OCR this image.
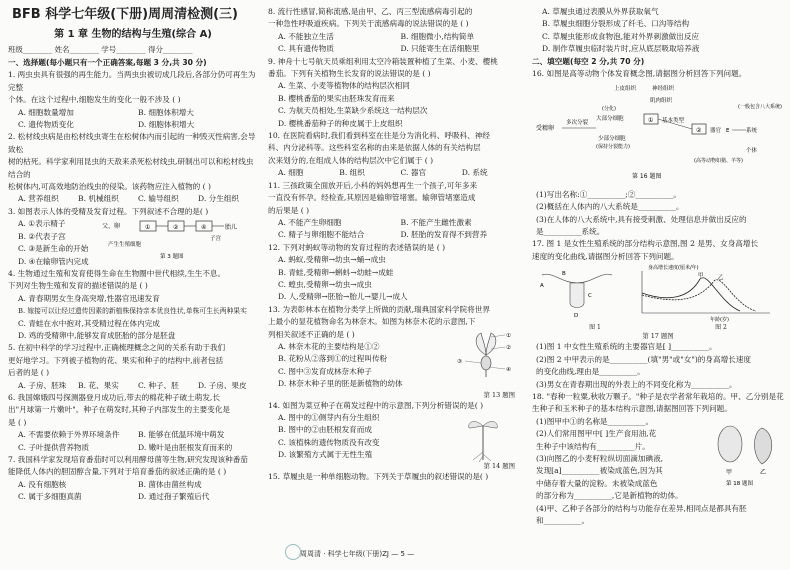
BFB 科学七年级(下册)周周清检测(三)
第 1 章 生物的结构与生殖(综合 A)
班级________ 姓名________ 学号________ 得分________
一、选择题(每小题只有一个正确答案,每题 3 分,共 30 分)
1. 两虫虫具有很强的再生能力。当两虫虫被切成几段后,各部分仍可再生为完整
个体。在这个过程中,细胞发生的变化一般不涉及 ( )
A. 细胞数量增加	B. 细胞体积增大
C. 遗传物质变化	D. 细胞体积增大
2. 松材线虫病是由松材线虫寄生在松树体内而引起的一种毁灭性病害,会导致松
树的枯死。科学家利用昆虫的天敌来杀死松材线虫,研制出可以和松材线虫结合的
松树体内,可高效地防治线虫的侵染。该药物应注入植物的 ( )
A. 营养组织	B. 机械组织	C. 输导组织	D. 分生组织
3. 如图表示人体的受精及发育过程。下列叙述不合理的是( )
A. ①表示精子
B. ②代表子宫
C. ③是新生命的开始
D. ④在输卵管内完成
父、卵	①	②	④	胎儿
子宫
产生生殖细胞
第 3 题图
4. 生物通过生殖和发育使得生命在生物圈中世代相续,生生不息。
下列对生物生殖和发育的描述错误的是 ( )
A. 青春期男女生身高突增,性器官迅速发育
B. 嫁接可以让经过遗传因素的新植株保持亲本优良性状,单株可生长两种果实
C. 青蛙在水中抱对,其受精过程在体内完成
D. 鸡的受精卵中,能够发育成胚胎的部分是胚盘
5. 在初中科学的学习过程中,正确梳理概念之间的关系有助于我们
更好地学习。下列被子植物的花、果实和种子的结构中,前者包括
后者的是 ( )
A. 子房、胚珠	B. 花、果实	C. 种子、胚	D. 子房、果皮
6. 我国嫦娥四号探测器登月成功后,带去的棉花种子破土萌发,长
出"月球第一片嫩叶"。种子在萌发时,其种子内部发生的主要变化是
是 ( )
A. 不需要依赖于外界环境条件	B. 能够在低温环境中萌发
C. 子叶提供营养物质	D. 嫩叶是由胚根发育而来的
7. 我国科学家发现培育番茄时可以利用酵母菌等生物,研究发现该种番茄
能降低人体内的胆固醇含量,下列对于培育番茄的叙述正确的是 ( )
A. 没有细胞核	B. 菌体由菌丝构成
C. 属于多细胞真菌	D. 通过孢子繁殖后代
8. 流行性感冒,简称流感,是由甲、乙、丙三型流感病毒引起的
一种急性呼吸道疾病。下列关于流感病毒的说法错误的是 ( )
A. 不能独立生活	B. 细胞微小,结构简单
C. 具有遗传物质	D. 只能寄生在活细胞里
9. 神舟十七号航天员乘组利用太空冷箱装置种植了生菜、小麦、樱桃
番茄。下列有关植物生长发育的说法错误的是 ( )
A. 生菜、小麦等植物体的结构层次相同
B. 樱桃番茄的果实由胚珠发育而来
C. 为航天员相处,生菜缺少系统这一结构层次
D. 樱桃番茄种子的种皮属于上皮组织
10. 在医院看病时,我们看到科室在往是分为消化科、呼吸科、神经
科、内分泌科等。这些科室名称的由来是依据人体的有关结构层
次来划分的,在组成人体的结构层次中它们属于 ( )
A. 细胞	B. 组织	C. 器官	D. 系统
11. 三孩政策全面放开后,小科的妈妈想再生一个孩子,可年多来
一直没有怀孕。经检查,其原因是输卵管堵塞。输卵管堵塞造成
的后果是 ( )
A. 不能产生卵细胞	B. 不能产生雌性激素
C. 精子与卵细胞不能结合	D. 胚胎的发育得不到营养
12. 下列对蚂蚁等动物的发育过程的表述错误的是 ( )
A. 蚂蚁,受精卵→幼虫→蛹→成虫
B. 青蛙,受精卵→蝌蚪→幼蛙→成蛙
C. 蝗虫,受精卵→幼虫→成虫
D. 人,受精卵→胚胎→胎儿→婴儿→成人
13. 为表彰林本在植物分类学上所做的贡献,瑞典国家科学院将世界
上最小的显花植物命名为林奈木。如图为林奈木花的示意图,下
列相关叙述不正确的是 ( )
A. 林奈木花的主要结构是①②
B. 花粉从②落到①的过程叫传粉
C. 图中③发育成林奈木种子
D. 林奈木种子里的胚是新植物的幼体
①
②
③
④
第 13 题图
14. 如图为菜豆种子在萌发过程中的示意图,下列分析错误的是( )
A. 图中的①侧芽内有分生组织
B. 图中的②由胚根发育而成
C. 该植株的遗传物质没有改变
D. 该繁殖方式属于无性生殖
第 14 题图
15. 草履虫是一种单细胞动物。下列关于草履虫的叙述错误的是( )
A. 草履虫通过表膜从外界获取氧气
B. 草履虫细胞分裂形成了纤毛、口沟等结构
C. 草履虫能形成食物泡,能对外界刺激做出反应
D. 制作草履虫临时装片时,应从底层吸取培养液
二、填空题(每空 2 分,共 70 分)
16. 如图是高等动物个体发育概念图,请据图分析回答下列问题。
上皮组织	神经组织
肌肉组织
受精卵
多次分裂
大部分细胞
少部分细胞
(保持分裂能力)
(分化)
① 基本类型
② 器官 E	系统
(一般包含八大系统)
个体
(高等动物如猪、羊等)
第 16 题图
(1)写出名称:①__________;②__________。
(2)概括在人体内的八大系统是__________。
(3)在人体的八大系统中,具有接受刺激、处理信息并做出反应的
是__________系统。
17. 图 1 是女性生殖系统的部分结构示意图,图 2 是男、女身高增长
速度的变化曲线,请据图分析回答下列问题。
A
B
C
D
身高增长速度(厘米/年)
甲	乙
年龄(岁)
图 1	图 2
第 17 题图
(1)图 1 中女性生殖系统的主要器官是[ ]__________。
(2)图 2 中甲表示的是__________(填"男"或"女")的身高增长速度
的变化曲线,理由是__________。
(3)男女在青春期出现的外表上的不同变化称为__________。
18. "春种一粒粟,秋收万颗子。"种子是农学者常年栽培的。甲、乙分别是花
生种子和玉米种子的基本结构示意图,请据图回答下列问题。
(1)图甲中①的名称是__________。
(2)人们常用图甲中[ ]生产食用油,花
生种子中该结构有__________片。
(3)向图乙的小麦籽粒纵切面滴加碘液,
发现[a]__________被染成蓝色,因为其
中储存着大量的淀粉。未被染成蓝色
甲	乙
第 18 题图
的部分称为__________,它是新植物的幼体。
(4)甲、乙种子各部分的结构与功能存在差异,相同点是都具有胚
和__________。
周周清 · 科学七年级(下册)ZJ — 5 —
